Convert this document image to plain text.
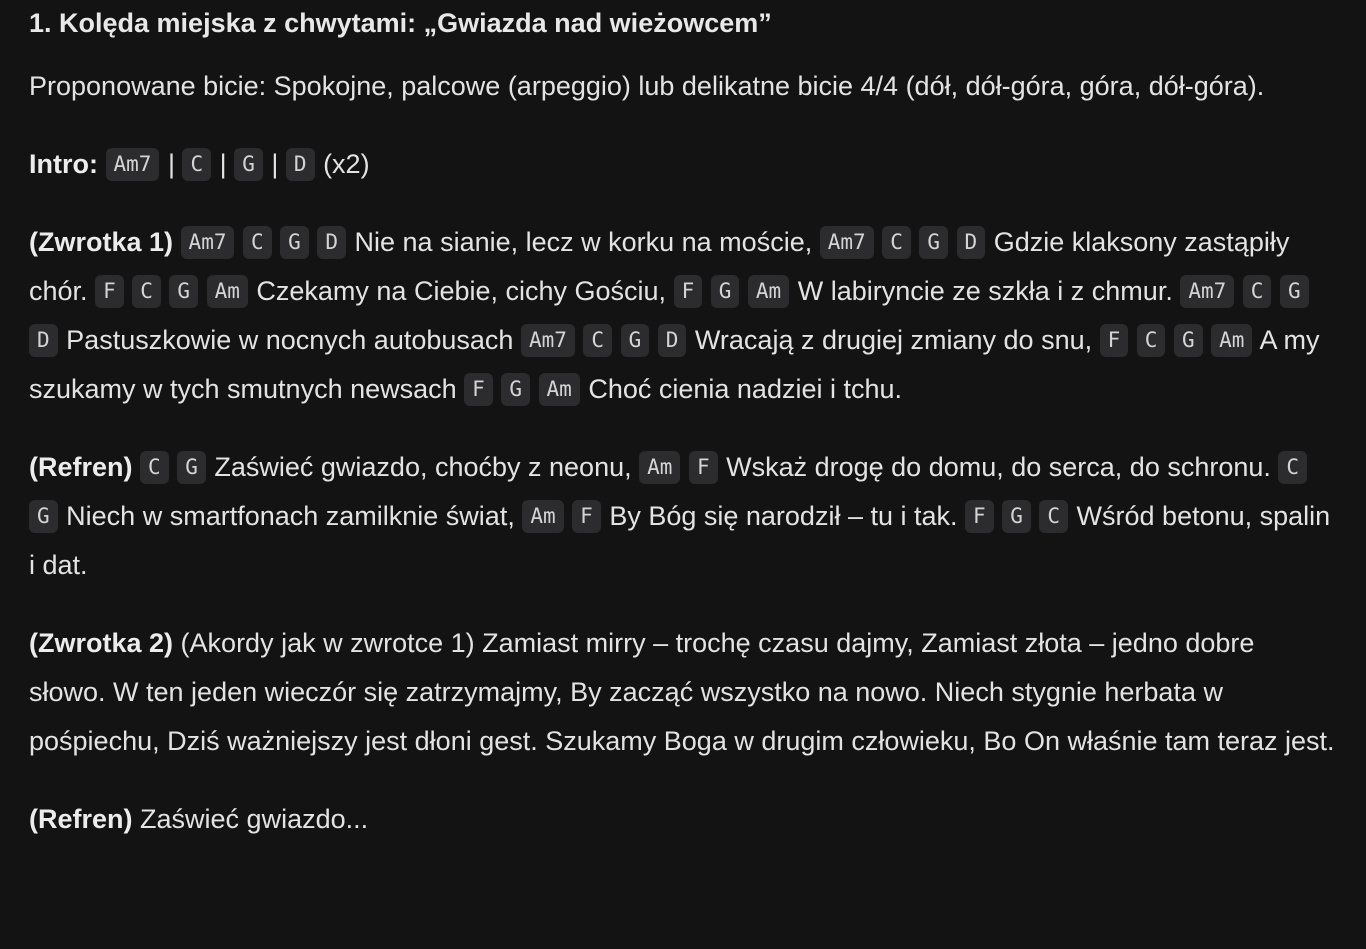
1. Kolęda miejska z chwytami: „Gwiazda nad wieżowcem”

Proponowane bicie: Spokojne, palcowe (arpeggio) lub delikatne bicie 4/4 (dół, dół-góra, góra, dół-góra).

Intro: Am7 | C | G | D (x2)

(Zwrotka 1) Am7 C G D Nie na sianie, lecz w korku na moście, Am7 C G D Gdzie klaksony zastąpiły chór. F C G Am Czekamy na Ciebie, cichy Gościu, F G Am W labiryncie ze szkła i z chmur. Am7 C G D Pastuszkowie w nocnych autobusach Am7 C G D Wracają z drugiej zmiany do snu, F C G Am A my szukamy w tych smutnych newsach F G Am Choć cienia nadziei i tchu.

(Refren) C G Zaświeć gwiazdo, choćby z neonu, Am F Wskaż drogę do domu, do serca, do schronu. C G Niech w smartfonach zamilknie świat, Am F By Bóg się narodził – tu i tak. F G C Wśród betonu, spalin i dat.

(Zwrotka 2) (Akordy jak w zwrotce 1) Zamiast mirry – trochę czasu dajmy, Zamiast złota – jedno dobre słowo. W ten jeden wieczór się zatrzymajmy, By zacząć wszystko na nowo. Niech stygnie herbata w pośpiechu, Dziś ważniejszy jest dłoni gest. Szukamy Boga w drugim człowieku, Bo On właśnie tam teraz jest.

(Refren) Zaświeć gwiazdo...
